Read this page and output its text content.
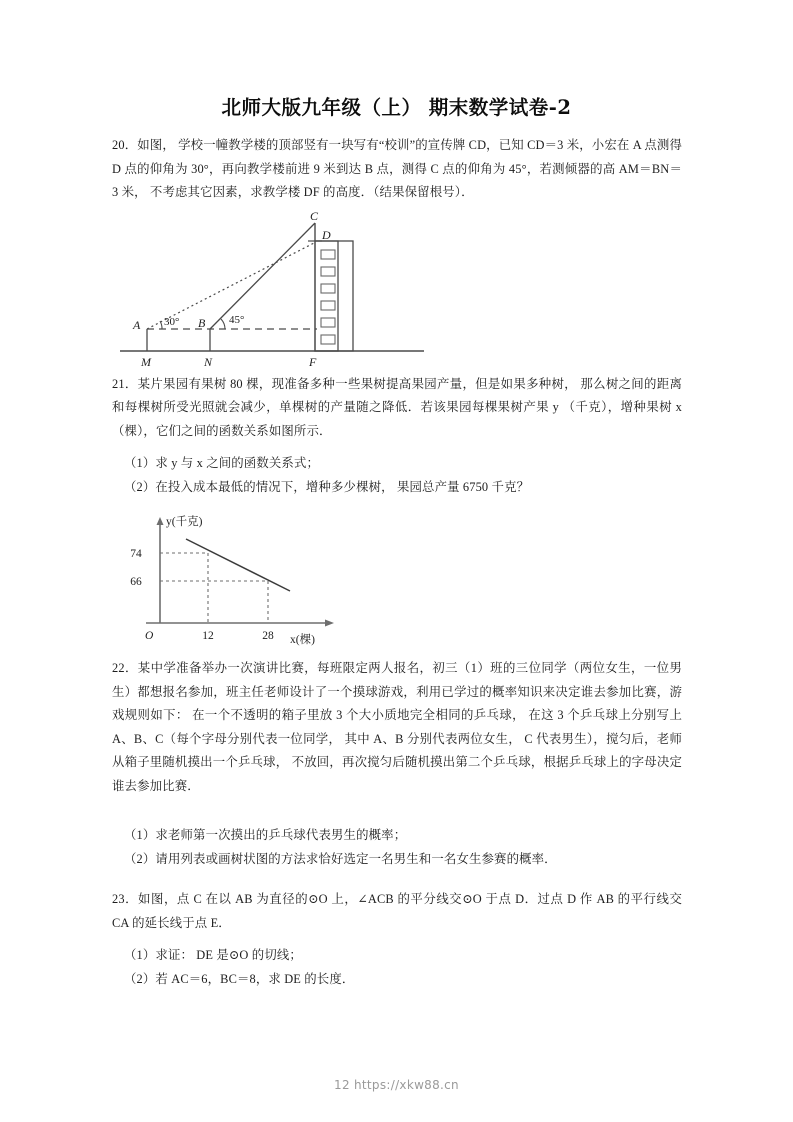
北师大版九年级（上） 期末数学试卷-2
20．如图， 学校一幢教学楼的顶部竖有一块写有“校训”的宣传牌 CD，已知 CD＝3 米，小宏在 A 点测得 D 点的仰角为 30°，再向教学楼前进 9 米到达 B 点，测得 C 点的仰角为 45°，若测倾器的高 AM＝BN＝3 米， 不考虑其它因素，求教学楼 DF 的高度．（结果保留根号）．
C
D
A	B
M	N	F
30°	45°
21．某片果园有果树 80 棵，现准备多种一些果树提高果园产量，但是如果多种树， 那么树之间的距离和每棵树所受光照就会减少，单棵树的产量随之降低．若该果园每棵果树产果 y （千克），增种果树 x （棵），它们之间的函数关系如图所示．
（1）求 y 与 x 之间的函数关系式；
（2）在投入成本最低的情况下，增种多少棵树， 果园总产量 6750 千克？
y(千克)
x(棵)
O
74
66
12	28
22．某中学准备举办一次演讲比赛，每班限定两人报名，初三（1）班的三位同学（两位女生，一位男生）都想报名参加，班主任老师设计了一个摸球游戏，利用已学过的概率知识来决定谁去参加比赛，游戏规则如下： 在一个不透明的箱子里放 3 个大小质地完全相同的乒乓球， 在这 3 个乒乓球上分别写上 A、B、C（每个字母分别代表一位同学， 其中 A、B 分别代表两位女生， C 代表男生），搅匀后，老师从箱子里随机摸出一个乒乓球， 不放回，再次搅匀后随机摸出第二个乒乓球，根据乒乓球上的字母决定谁去参加比赛．
（1）求老师第一次摸出的乒乓球代表男生的概率；
（2）请用列表或画树状图的方法求恰好选定一名男生和一名女生参赛的概率．
23．如图，点 C 在以 AB 为直径的⊙O 上，∠ACB 的平分线交⊙O 于点 D．过点 D 作 AB 的平行线交 CA 的延长线于点 E．
（1）求证： DE 是⊙O 的切线；
（2）若 AC＝6，BC＝8，求 DE 的长度．
12 https://xkw88.cn
